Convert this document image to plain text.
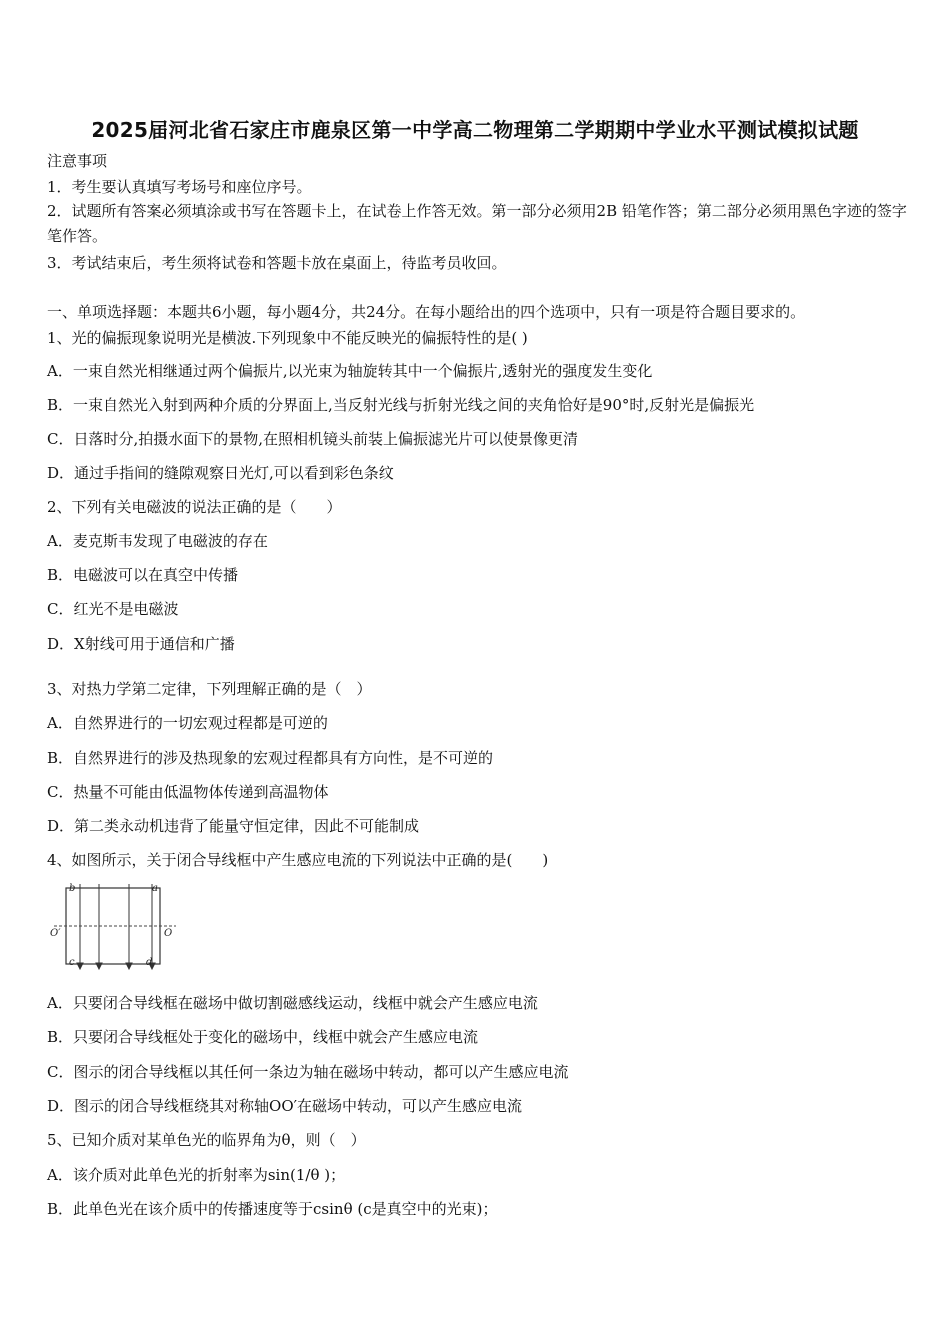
2025届河北省石家庄市鹿泉区第一中学高二物理第二学期期中学业水平测试模拟试题
注意事项
1．考生要认真填写考场号和座位序号。
2．试题所有答案必须填涂或书写在答题卡上，在试卷上作答无效。第一部分必须用2B 铅笔作答；第二部分必须用黑色字迹的签字笔作答。
3．考试结束后，考生须将试卷和答题卡放在桌面上，待监考员收回。
一、单项选择题：本题共6小题，每小题4分，共24分。在每小题给出的四个选项中，只有一项是符合题目要求的。
1、光的偏振现象说明光是横波.下列现象中不能反映光的偏振特性的是( )
A．一束自然光相继通过两个偏振片,以光束为轴旋转其中一个偏振片,透射光的强度发生变化
B．一束自然光入射到两种介质的分界面上,当反射光线与折射光线之间的夹角恰好是90°时,反射光是偏振光
C．日落时分,拍摄水面下的景物,在照相机镜头前装上偏振滤光片可以使景像更清
D．通过手指间的缝隙观察日光灯,可以看到彩色条纹
2、下列有关电磁波的说法正确的是（　　）
A．麦克斯韦发现了电磁波的存在
B．电磁波可以在真空中传播
C．红光不是电磁波
D．X射线可用于通信和广播
3、对热力学第二定律，下列理解正确的是（　）
A．自然界进行的一切宏观过程都是可逆的
B．自然界进行的涉及热现象的宏观过程都具有方向性，是不可逆的
C．热量不可能由低温物体传递到高温物体
D．第二类永动机违背了能量守恒定律，因此不可能制成
4、如图所示，关于闭合导线框中产生感应电流的下列说法中正确的是(　　)
b	a
c	d
O′	O
A．只要闭合导线框在磁场中做切割磁感线运动，线框中就会产生感应电流
B．只要闭合导线框处于变化的磁场中，线框中就会产生感应电流
C．图示的闭合导线框以其任何一条边为轴在磁场中转动，都可以产生感应电流
D．图示的闭合导线框绕其对称轴OO′在磁场中转动，可以产生感应电流
5、已知介质对某单色光的临界角为θ，则（　）
A．该介质对此单色光的折射率为sin(1/θ )；
B．此单色光在该介质中的传播速度等于csinθ (c是真空中的光束)；
